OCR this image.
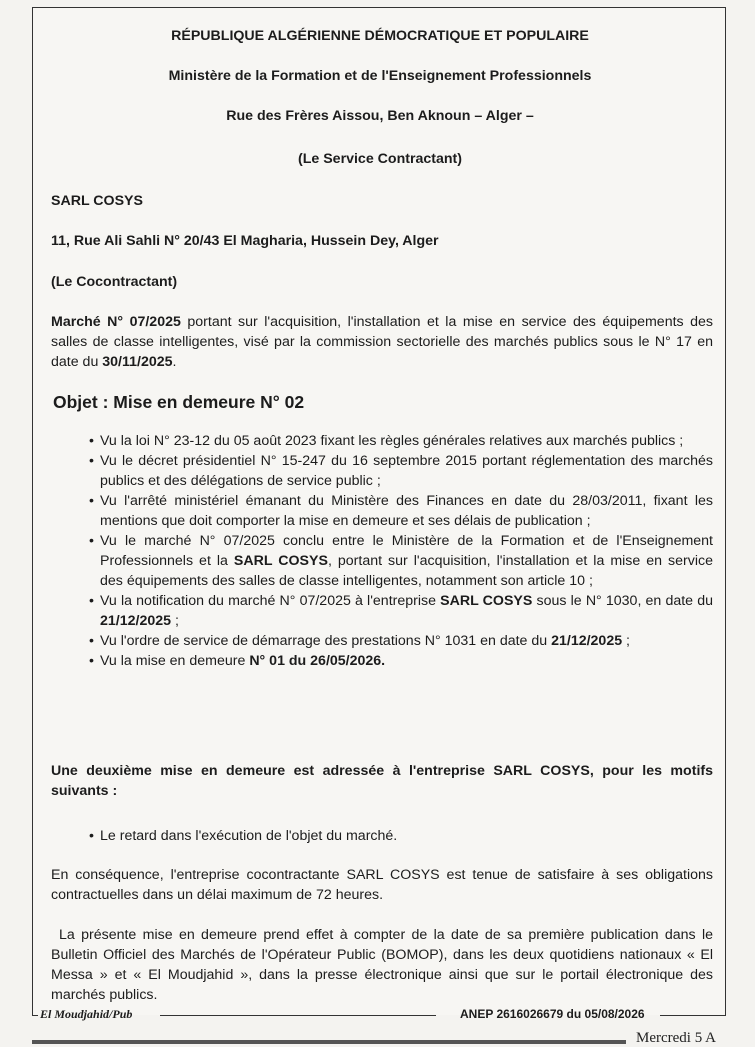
RÉPUBLIQUE ALGÉRIENNE DÉMOCRATIQUE ET POPULAIRE
Ministère de la Formation et de l'Enseignement Professionnels
Rue des Frères Aissou, Ben Aknoun – Alger –
(Le Service Contractant)
SARL COSYS
11, Rue Ali Sahli N° 20/43 El Magharia, Hussein Dey, Alger
(Le Cocontractant)
Marché N° 07/2025 portant sur l'acquisition, l'installation et la mise en service des équipements des salles de classe intelligentes, visé par la commission sectorielle des marchés publics sous le N° 17 en date du 30/11/2025.
Objet : Mise en demeure N° 02
• Vu la loi N° 23-12 du 05 août 2023 fixant les règles générales relatives aux marchés publics ;
• Vu le décret présidentiel N° 15-247 du 16 septembre 2015 portant réglementation des marchés publics et des délégations de service public ;
• Vu l'arrêté ministériel émanant du Ministère des Finances en date du 28/03/2011, fixant les mentions que doit comporter la mise en demeure et ses délais de publication ;
• Vu le marché N° 07/2025 conclu entre le Ministère de la Formation et de l'Enseignement Professionnels et la SARL COSYS, portant sur l'acquisition, l'installation et la mise en service des équipements des salles de classe intelligentes, notamment son article 10 ;
• Vu la notification du marché N° 07/2025 à l'entreprise SARL COSYS sous le N° 1030, en date du 21/12/2025 ;
• Vu l'ordre de service de démarrage des prestations N° 1031 en date du 21/12/2025 ;
• Vu la mise en demeure N° 01 du 26/05/2026.
Une deuxième mise en demeure est adressée à l'entreprise SARL COSYS, pour les motifs suivants :
• Le retard dans l'exécution de l'objet du marché.
En conséquence, l'entreprise cocontractante SARL COSYS est tenue de satisfaire à ses obligations contractuelles dans un délai maximum de 72 heures.
La présente mise en demeure prend effet à compter de la date de sa première publication dans le Bulletin Officiel des Marchés de l'Opérateur Public (BOMOP), dans les deux quotidiens nationaux « El Messa » et « El Moudjahid », dans la presse électronique ainsi que sur le portail électronique des marchés publics.
El Moudjahid/Pub	ANEP 2616026679 du 05/08/2026
Mercredi 5 A
